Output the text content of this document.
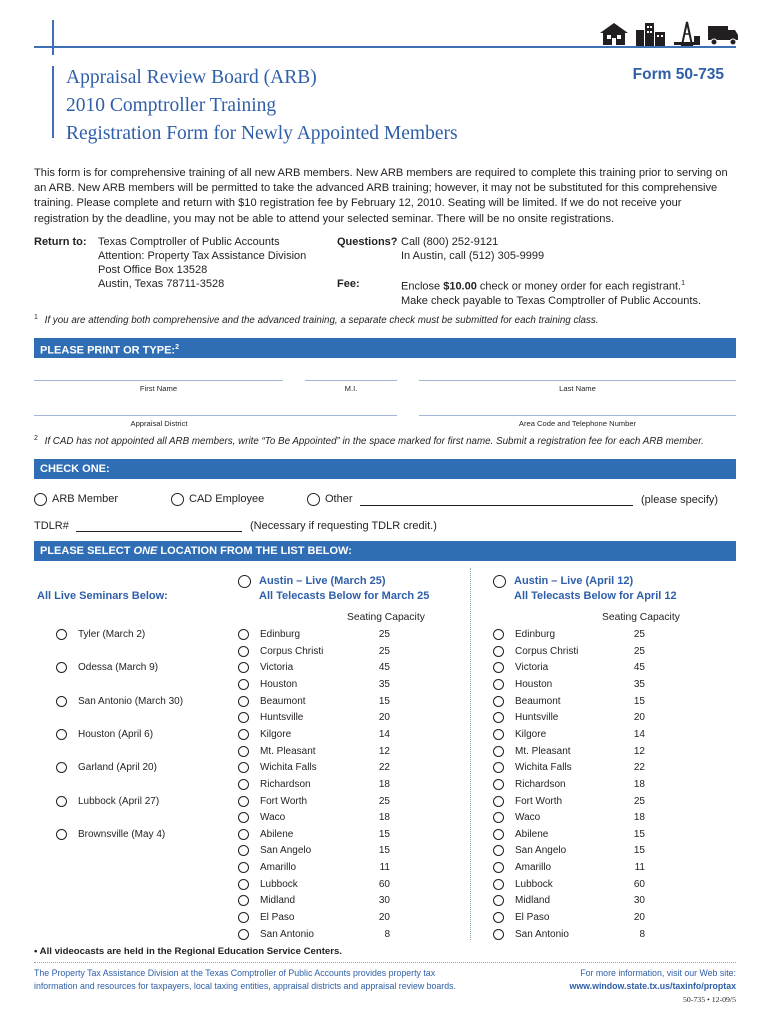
Appraisal Review Board (ARB)
2010 Comptroller Training
Registration Form for Newly Appointed Members
Form 50-735
This form is for comprehensive training of all new ARB members. New ARB members are required to complete this training prior to serving on an ARB. New ARB members will be permitted to take the advanced ARB training; however, it may not be substituted for this comprehensive training. Please complete and return with $10 registration fee by February 12, 2010. Seating will be limited. If we do not receive your registration by the deadline, you may not be able to attend your selected seminar. There will be no onsite registrations.
Return to: Texas Comptroller of Public Accounts
Attention: Property Tax Assistance Division
Post Office Box 13528
Austin, Texas 78711-3528
Questions? Call (800) 252-9121
In Austin, call (512) 305-9999
Fee:	Enclose $10.00 check or money order for each registrant.$^1$
Make check payable to Texas Comptroller of Public Accounts.
$^1$ If you are attending both comprehensive and the advanced training, a separate check must be submitted for each training class.
PLEASE PRINT OR TYPE:$^2$
First Name	M.I.	Last Name
Appraisal District	Area Code and Telephone Number
$^2$ If CAD has not appointed all ARB members, write “To Be Appointed” in the space marked for first name. Submit a registration fee for each ARB member.
CHECK ONE:
ARB Member	CAD Employee	Other	(please specify)
TDLR#	(Necessary if requesting TDLR credit.)
PLEASE SELECT ONE LOCATION FROM THE LIST BELOW:
All Live Seminars Below:
Tyler (March 2)
Odessa (March 9)
San Antonio (March 30)
Houston (April 6)
Garland (April 20)
Lubbock (April 27)
Brownsville (May 4)
Austin – Live (March 25)
All Telecasts Below for March 25
Seating Capacity
Edinburg	25
Corpus Christi	25
Victoria	45
Houston	35
Beaumont	15
Huntsville	20
Kilgore	14
Mt. Pleasant	12
Wichita Falls	22
Richardson	18
Fort Worth	25
Waco	18
Abilene	15
San Angelo	15
Amarillo	11
Lubbock	60
Midland	30
El Paso	20
San Antonio	8
Austin – Live (April 12)
All Telecasts Below for April 12
Seating Capacity
Edinburg	25
Corpus Christi	25
Victoria	45
Houston	35
Beaumont	15
Huntsville	20
Kilgore	14
Mt. Pleasant	12
Wichita Falls	22
Richardson	18
Fort Worth	25
Waco	18
Abilene	15
San Angelo	15
Amarillo	11
Lubbock	60
Midland	30
El Paso	20
San Antonio	8
• All videocasts are held in the Regional Education Service Centers.
The Property Tax Assistance Division at the Texas Comptroller of Public Accounts provides property tax
information and resources for taxpayers, local taxing entities, appraisal districts and appraisal review boards.
For more information, visit our Web site:
www.window.state.tx.us/taxinfo/proptax
50-735 • 12-09/5
